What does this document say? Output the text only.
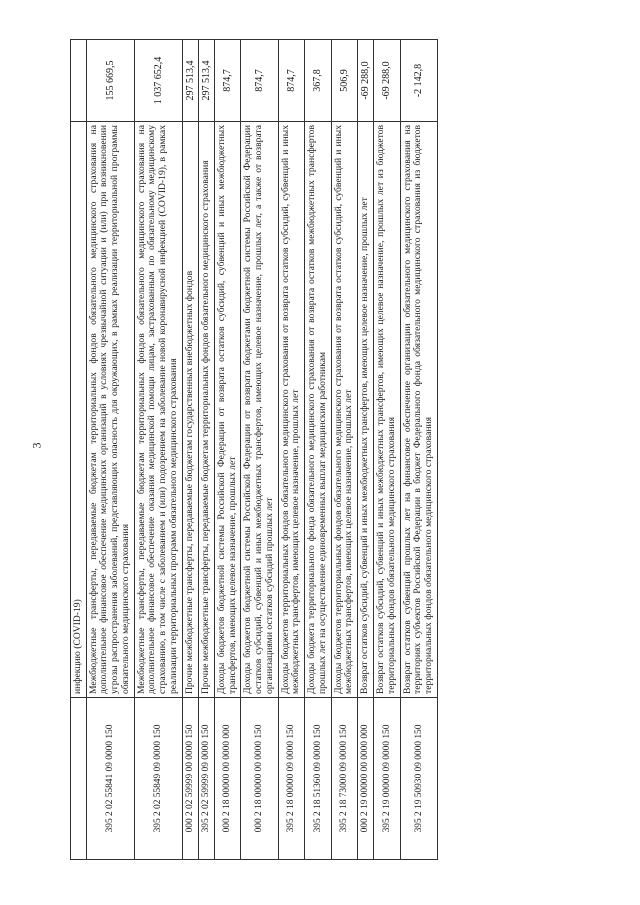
3
	инфекцию (COVID-19)	
395 2 02 55841 09 0000 150	Межбюджетные трансферты, передаваемые бюджетам территориальных фондов обязательного медицинского страхования на дополнительное финансовое обеспечение медицинских организаций в условиях чрезвычайной ситуации и (или) при возникновении угрозы распространения заболеваний, представляющих опасность для окружающих, в рамках реализации территориальной программы обязательного медицинского страхования	155 669,5
395 2 02 55849 09 0000 150	Межбюджетные трансферты, передаваемые бюджетам территориальных фондов обязательного медицинского страхования на дополнительное финансовое обеспечение оказания медицинской помощи лицам, застрахованным по обязательному медицинскому страхованию, в том числе с заболеванием и (или) подозрением на заболевание новой коронавирусной инфекцией (COVID-19), в рамках реализации территориальных программ обязательного медицинского страхования	1 037 652,4
000 2 02 59999 00 0000 150	Прочие межбюджетные трансферты, передаваемые бюджетам государственных внебюджетных фондов	297 513,4
395 2 02 59999 09 0000 150	Прочие межбюджетные трансферты, передаваемые бюджетам территориальных фондов обязательного медицинского страхования	297 513,4
000 2 18 00000 00 0000 000	Доходы бюджетов бюджетной системы Российской Федерации от возврата остатков субсидий, субвенций и иных межбюджетных трансфертов, имеющих целевое назначение, прошлых лет	874,7
000 2 18 00000 00 0000 150	Доходы бюджетов бюджетной системы Российской Федерации от возврата бюджетами бюджетной системы Российской Федерации остатков субсидий, субвенций и иных межбюджетных трансфертов, имеющих целевое назначение, прошлых лет, а также от возврата организациями остатков субсидий прошлых лет	874,7
395 2 18 00000 09 0000 150	Доходы бюджетов территориальных фондов обязательного медицинского страхования от возврата остатков субсидий, субвенций и иных межбюджетных трансфертов, имеющих целевое назначение, прошлых лет	874,7
395 2 18 51360 09 0000 150	Доходы бюджета территориального фонда обязательного медицинского страхования от возврата остатков межбюджетных трансфертов прошлых лет на осуществление единовременных выплат медицинским работникам	367,8
395 2 18 73000 09 0000 150	Доходы бюджетов территориальных фондов обязательного медицинского страхования от возврата остатков субсидий, субвенций и иных межбюджетных трансфертов, имеющих целевое назначение, прошлых лет	506,9
000 2 19 00000 00 0000 000	Возврат остатков субсидий, субвенций и иных межбюджетных трансфертов, имеющих целевое назначение, прошлых лет	-69 288,0
395 2 19 00000 09 0000 150	Возврат остатков субсидий, субвенций и иных межбюджетных трансфертов, имеющих целевое назначение, прошлых лет из бюджетов территориальных фондов обязательного медицинского страхования	-69 288,0
395 2 19 50930 09 0000 150	Возврат остатков субвенций прошлых лет на финансовое обеспечение организации обязательного медицинского страхования на территориях субъектов Российской Федерации в бюджет Федерального фонда обязательного медицинского страхования из бюджетов территориальных фондов обязательного медицинского страхования	-2 142,8
